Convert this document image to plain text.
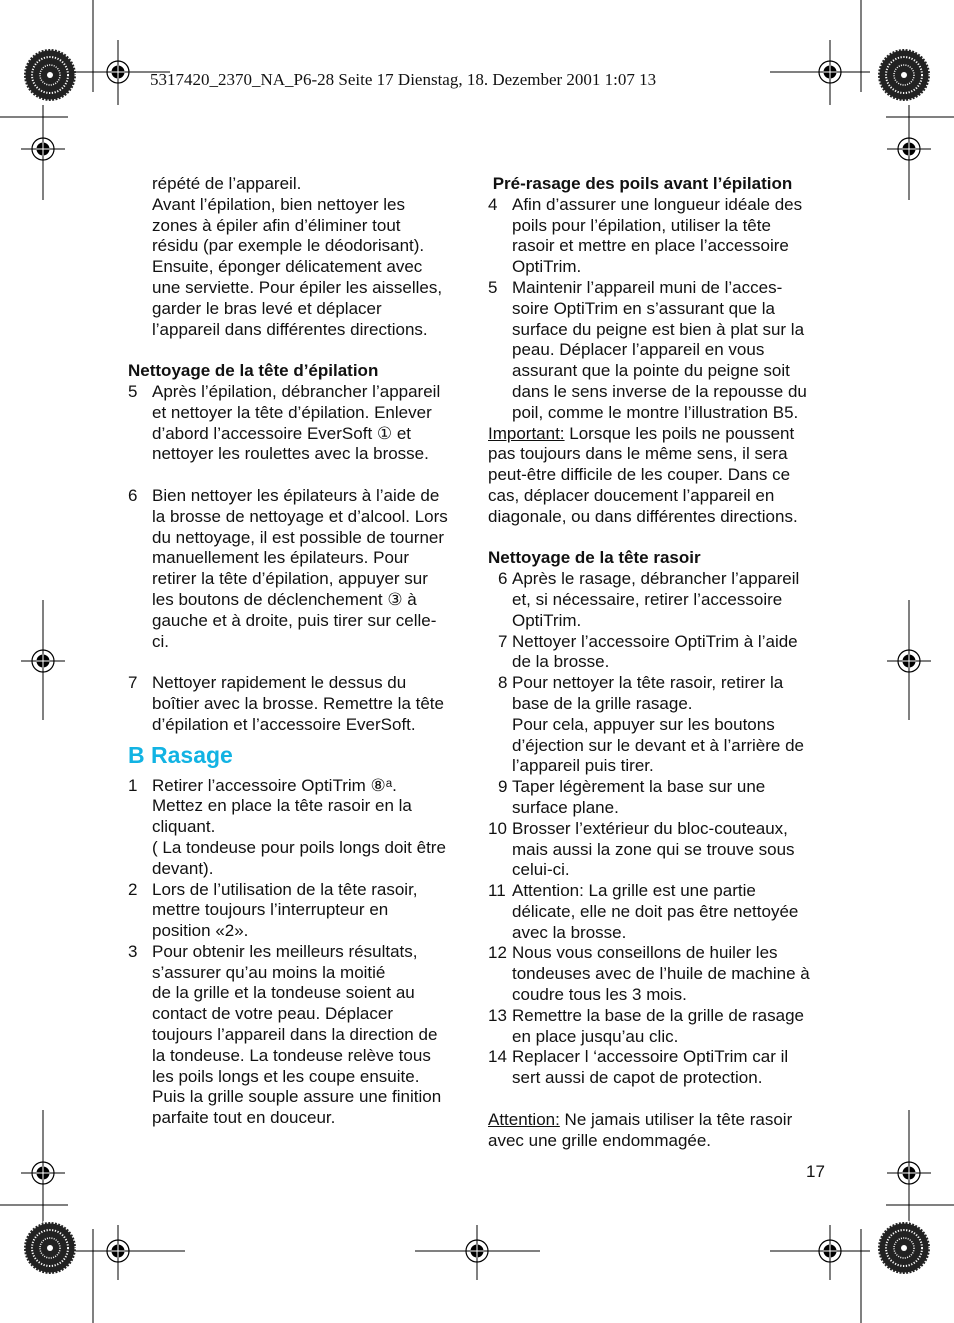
5317420_2370_NA_P6-28 Seite 17 Dienstag, 18. Dezember 2001 1:07 13
répété de l’appareil.
Avant l’épilation, bien nettoyer les
zones à épiler afin d’éliminer tout
résidu (par exemple le déodorisant).
Ensuite, éponger délicatement avec
une serviette. Pour épiler les aisselles,
garder le bras levé et déplacer
l’appareil dans différentes directions.
Nettoyage de la tête d’épilation
5 Après l’épilation, débrancher l’appareil
et nettoyer la tête d’épilation. Enlever
d’abord l’accessoire EverSoft ① et
nettoyer les roulettes avec la brosse.
6 Bien nettoyer les épilateurs à l’aide de
la brosse de nettoyage et d’alcool. Lors
du nettoyage, il est possible de tourner
manuellement les épilateurs. Pour
retirer la tête d’épilation, appuyer sur
les boutons de déclenchement ③ à
gauche et à droite, puis tirer sur celle-
ci.
7 Nettoyer rapidement le dessus du
boîtier avec la brosse. Remettre la tête
d’épilation et l’accessoire EverSoft.
B Rasage
1 Retirer l’accessoire OptiTrim ⑧ᵃ.
Mettez en place la tête rasoir en la
cliquant.
( La tondeuse pour poils longs doit être
devant).
2 Lors de l’utilisation de la tête rasoir,
mettre toujours l’interrupteur en
position «2».
3 Pour obtenir les meilleurs résultats,
s’assurer qu’au moins la moitié
de la grille et la tondeuse soient au
contact de votre peau. Déplacer
toujours l’appareil dans la direction de
la tondeuse. La tondeuse relève tous
les poils longs et les coupe ensuite.
Puis la grille souple assure une finition
parfaite tout en douceur.
Pré-rasage des poils avant l’épilation
4 Afin d’assurer une longueur idéale des
poils pour l’épilation, utiliser la tête
rasoir et mettre en place l’accessoire
OptiTrim.
5 Maintenir l’appareil muni de l’acces-
soire OptiTrim en s’assurant que la
surface du peigne est bien à plat sur la
peau. Déplacer l’appareil en vous
assurant que la pointe du peigne soit
dans le sens inverse de la repousse du
poil, comme le montre l’illustration B5.
Important: Lorsque les poils ne poussent
pas toujours dans le même sens, il sera
peut-être difficile de les couper. Dans ce
cas, déplacer doucement l’appareil en
diagonale, ou dans différentes directions.
Nettoyage de la tête rasoir
6 Après le rasage, débrancher l’appareil
et, si nécessaire, retirer l’accessoire
OptiTrim.
7 Nettoyer l’accessoire OptiTrim à l’aide
de la brosse.
8 Pour nettoyer la tête rasoir, retirer la
base de la grille rasage.
Pour cela, appuyer sur les boutons
d’éjection sur le devant et à l’arrière de
l’appareil puis tirer.
9 Taper légèrement la base sur une
surface plane.
10 Brosser l’extérieur du bloc-couteaux,
mais aussi la zone qui se trouve sous
celui-ci.
11 Attention: La grille est une partie
délicate, elle ne doit pas être nettoyée
avec la brosse.
12 Nous vous conseillons de huiler les
tondeuses avec de l’huile de machine à
coudre tous les 3 mois.
13 Remettre la base de la grille de rasage
en place jusqu’au clic.
14 Replacer l ‘accessoire OptiTrim car il
sert aussi de capot de protection.
Attention: Ne jamais utiliser la tête rasoir
avec une grille endommagée.
17
